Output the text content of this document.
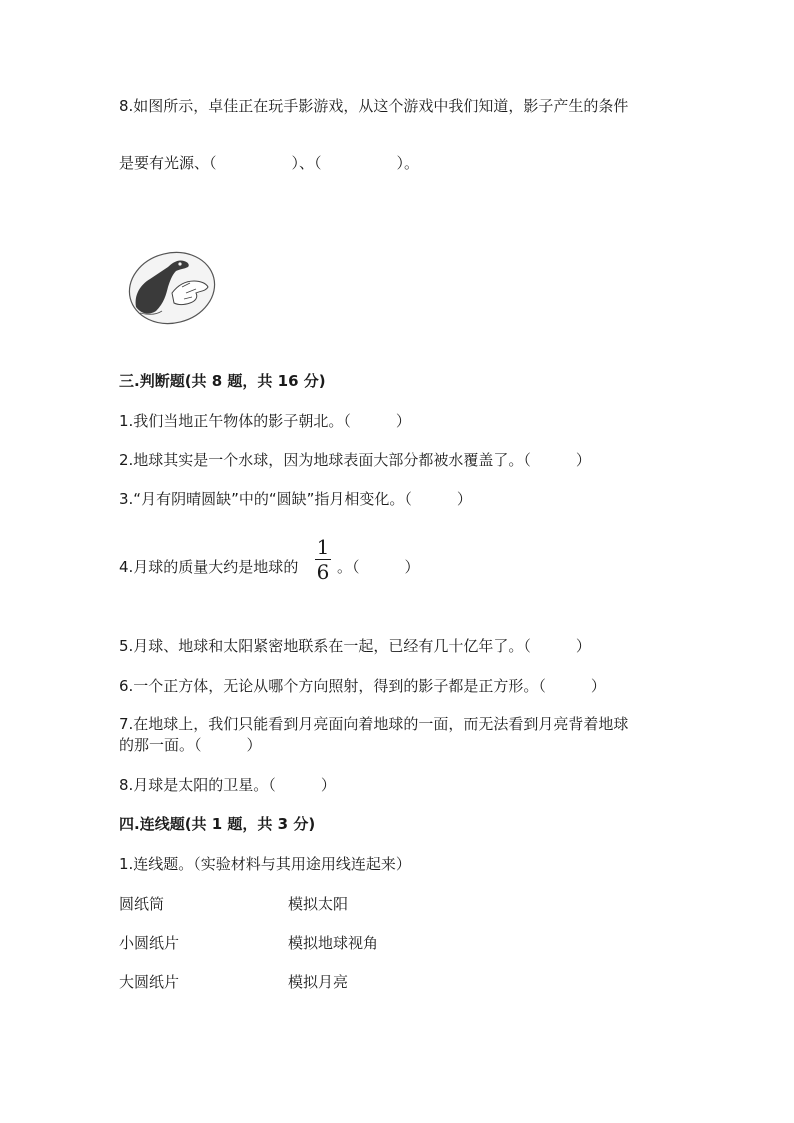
8.如图所示，卓佳正在玩手影游戏，从这个游戏中我们知道，影子产生的条件
是要有光源、（　　　　　）、（　　　　　）。
三.判断题(共 8 题，共 16 分)
1.我们当地正午物体的影子朝北。（　　　）
2.地球其实是一个水球，因为地球表面大部分都被水覆盖了。（　　　）
3.“月有阴晴圆缺”中的“圆缺”指月相变化。（　　　）
4.月球的质量大约是地球的
1
6 。（　　　）
5.月球、地球和太阳紧密地联系在一起，已经有几十亿年了。（　　　）
6.一个正方体，无论从哪个方向照射，得到的影子都是正方形。（　　　）
7.在地球上，我们只能看到月亮面向着地球的一面，而无法看到月亮背着地球
的那一面。（　　　）
8.月球是太阳的卫星。（　　　）
四.连线题(共 1 题，共 3 分)
1.连线题。（实验材料与其用途用线连起来）
圆纸筒	模拟太阳
小圆纸片	模拟地球视角
大圆纸片	模拟月亮
